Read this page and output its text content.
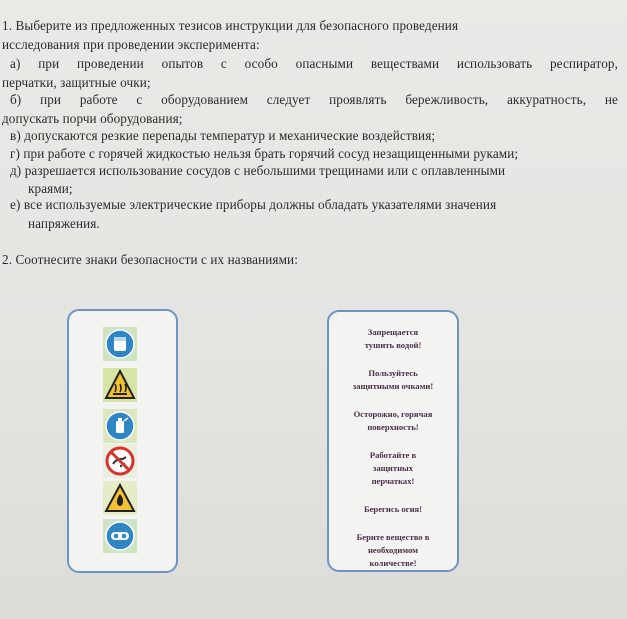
1. Выберите из предложенных тезисов инструкции для безопасного проведения
исследования при проведении эксперимента:
а) при проведении опытов с особо опасными веществами использовать респиратор,
перчатки, защитные очки;
б) при работе с оборудованием следует проявлять бережливость, аккуратность, не
допускать порчи оборудования;
в) допускаются резкие перепады температур и механические воздействия;
г) при работе с горячей жидкостью нельзя брать горячий сосуд незащищенными руками;
д) разрешается использование сосудов с небольшими трещинами или с оплавленными
краями;
е) все используемые электрические приборы должны обладать указателями значения
напряжения.
2. Соотнесите знаки безопасности с их названиями:
Запрещается
тушить водой!
Пользуйтесь
защитными очками!
Осторожно, горячая
поверхность!
Работайте в
защитных
перчатках!
Берегись огня!
Берите вещество в
необходимом
количестве!
